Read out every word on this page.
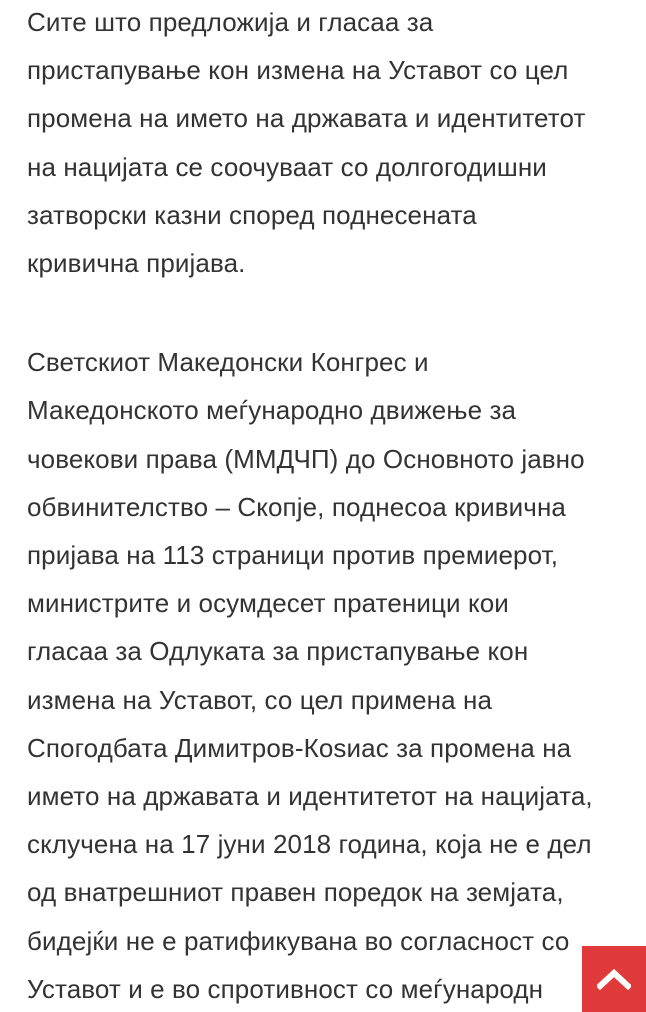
Сите што предложија и гласаа за
пристапување кон измена на Уставот со цел
промена на името на државата и идентитетот
на нацијата се соочуваат со долгогодишни
затворски казни според поднесената
кривична пријава.

Светскиот Македонски Конгрес и
Македонското меѓународно движење за
човекови права (ММДЧП) до Основното јавно
обвинителство – Скопје, поднесоа кривична
пријава на 113 страници против премиерот,
министрите и осумдесет пратеници кои
гласаа за Одлуката за пристапување кон
измена на Уставот, со цел примена на
Спогодбата Димитров-Коѕиас за промена на
името на државата и идентитетот на нацијата,
склучена на 17 јуни 2018 година, која не е дел
од внатрешниот правен поредок на земјата,
бидејќи не е ратификувана во согласност со
Уставот и е во спротивност со меѓународн
